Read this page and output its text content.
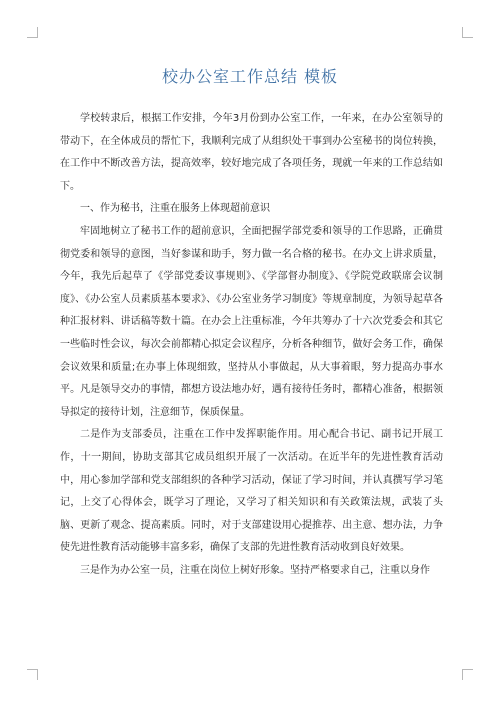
校办公室工作总结 模板

学校转隶后，根据工作安排，今年3月份到办公室工作，一年来，在办公室领导的带动下，在全体成员的帮忙下，我顺利完成了从组织处干事到办公室秘书的岗位转换，在工作中不断改善方法，提高效率，较好地完成了各项任务，现就一年来的工作总结如下。

一、作为秘书，注重在服务上体现超前意识

牢固地树立了秘书工作的超前意识，全面把握学部党委和领导的工作思路，正确贯彻党委和领导的意图，当好参谋和助手，努力做一名合格的秘书。在办文上讲求质量，今年，我先后起草了《学部党委议事规则》、《学部督办制度》、《学院党政联席会议制度》、《办公室人员素质基本要求》、《办公室业务学习制度》等规章制度，为领导起草各种汇报材料、讲话稿等数十篇。在办会上注重标准，今年共筹办了十六次党委会和其它一些临时性会议，每次会前都精心拟定会议程序，分析各种细节，做好会务工作，确保会议效果和质量;在办事上体现细致，坚持从小事做起，从大事着眼，努力提高办事水平。凡是领导交办的事情，都想方设法地办好，遇有接待任务时，都精心准备，根据领导拟定的接待计划，注意细节，保质保量。

二是作为支部委员，注重在工作中发挥职能作用。用心配合书记、副书记开展工作，十一期间，协助支部其它成员组织开展了一次活动。在近半年的先进性教育活动中，用心参加学部和党支部组织的各种学习活动，保证了学习时间，并认真撰写学习笔记，上交了心得体会，既学习了理论，又学习了相关知识和有关政策法规，武装了头脑、更新了观念、提高素质。同时，对于支部建设用心提推荐、出主意、想办法，力争使先进性教育活动能够丰富多彩，确保了支部的先进性教育活动收到良好效果。

三是作为办公室一员，注重在岗位上树好形象。坚持严格要求自己，注重以身作
